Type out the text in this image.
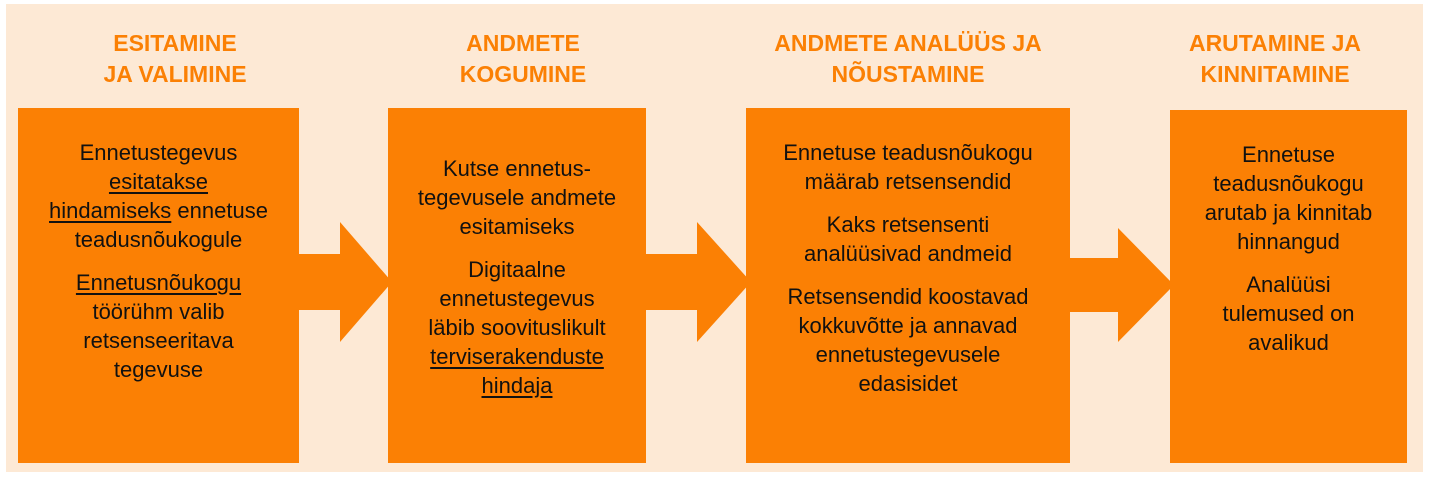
ESITAMINE
JA VALIMINE
ANDMETE
KOGUMINE
ANDMETE ANALÜÜS JA
NÕUSTAMINE
ARUTAMINE JA
KINNITAMINE
Ennetustegevus
esitatakse
hindamiseks ennetuse
teadusnõukogule
Ennetusnõukogu
töörühm valib
retsenseeritava
tegevuse
Kutse ennetus-
tegevusele andmete
esitamiseks
Digitaalne
ennetustegevus
läbib soovituslikult
terviserakenduste
hindaja
Ennetuse teadusnõukogu
määrab retsensendid
Kaks retsensenti
analüüsivad andmeid
Retsensendid koostavad
kokkuvõtte ja annavad
ennetustegevusele
edasisidet
Ennetuse
teadusnõukogu
arutab ja kinnitab
hinnangud
Analüüsi
tulemused on
avalikud
